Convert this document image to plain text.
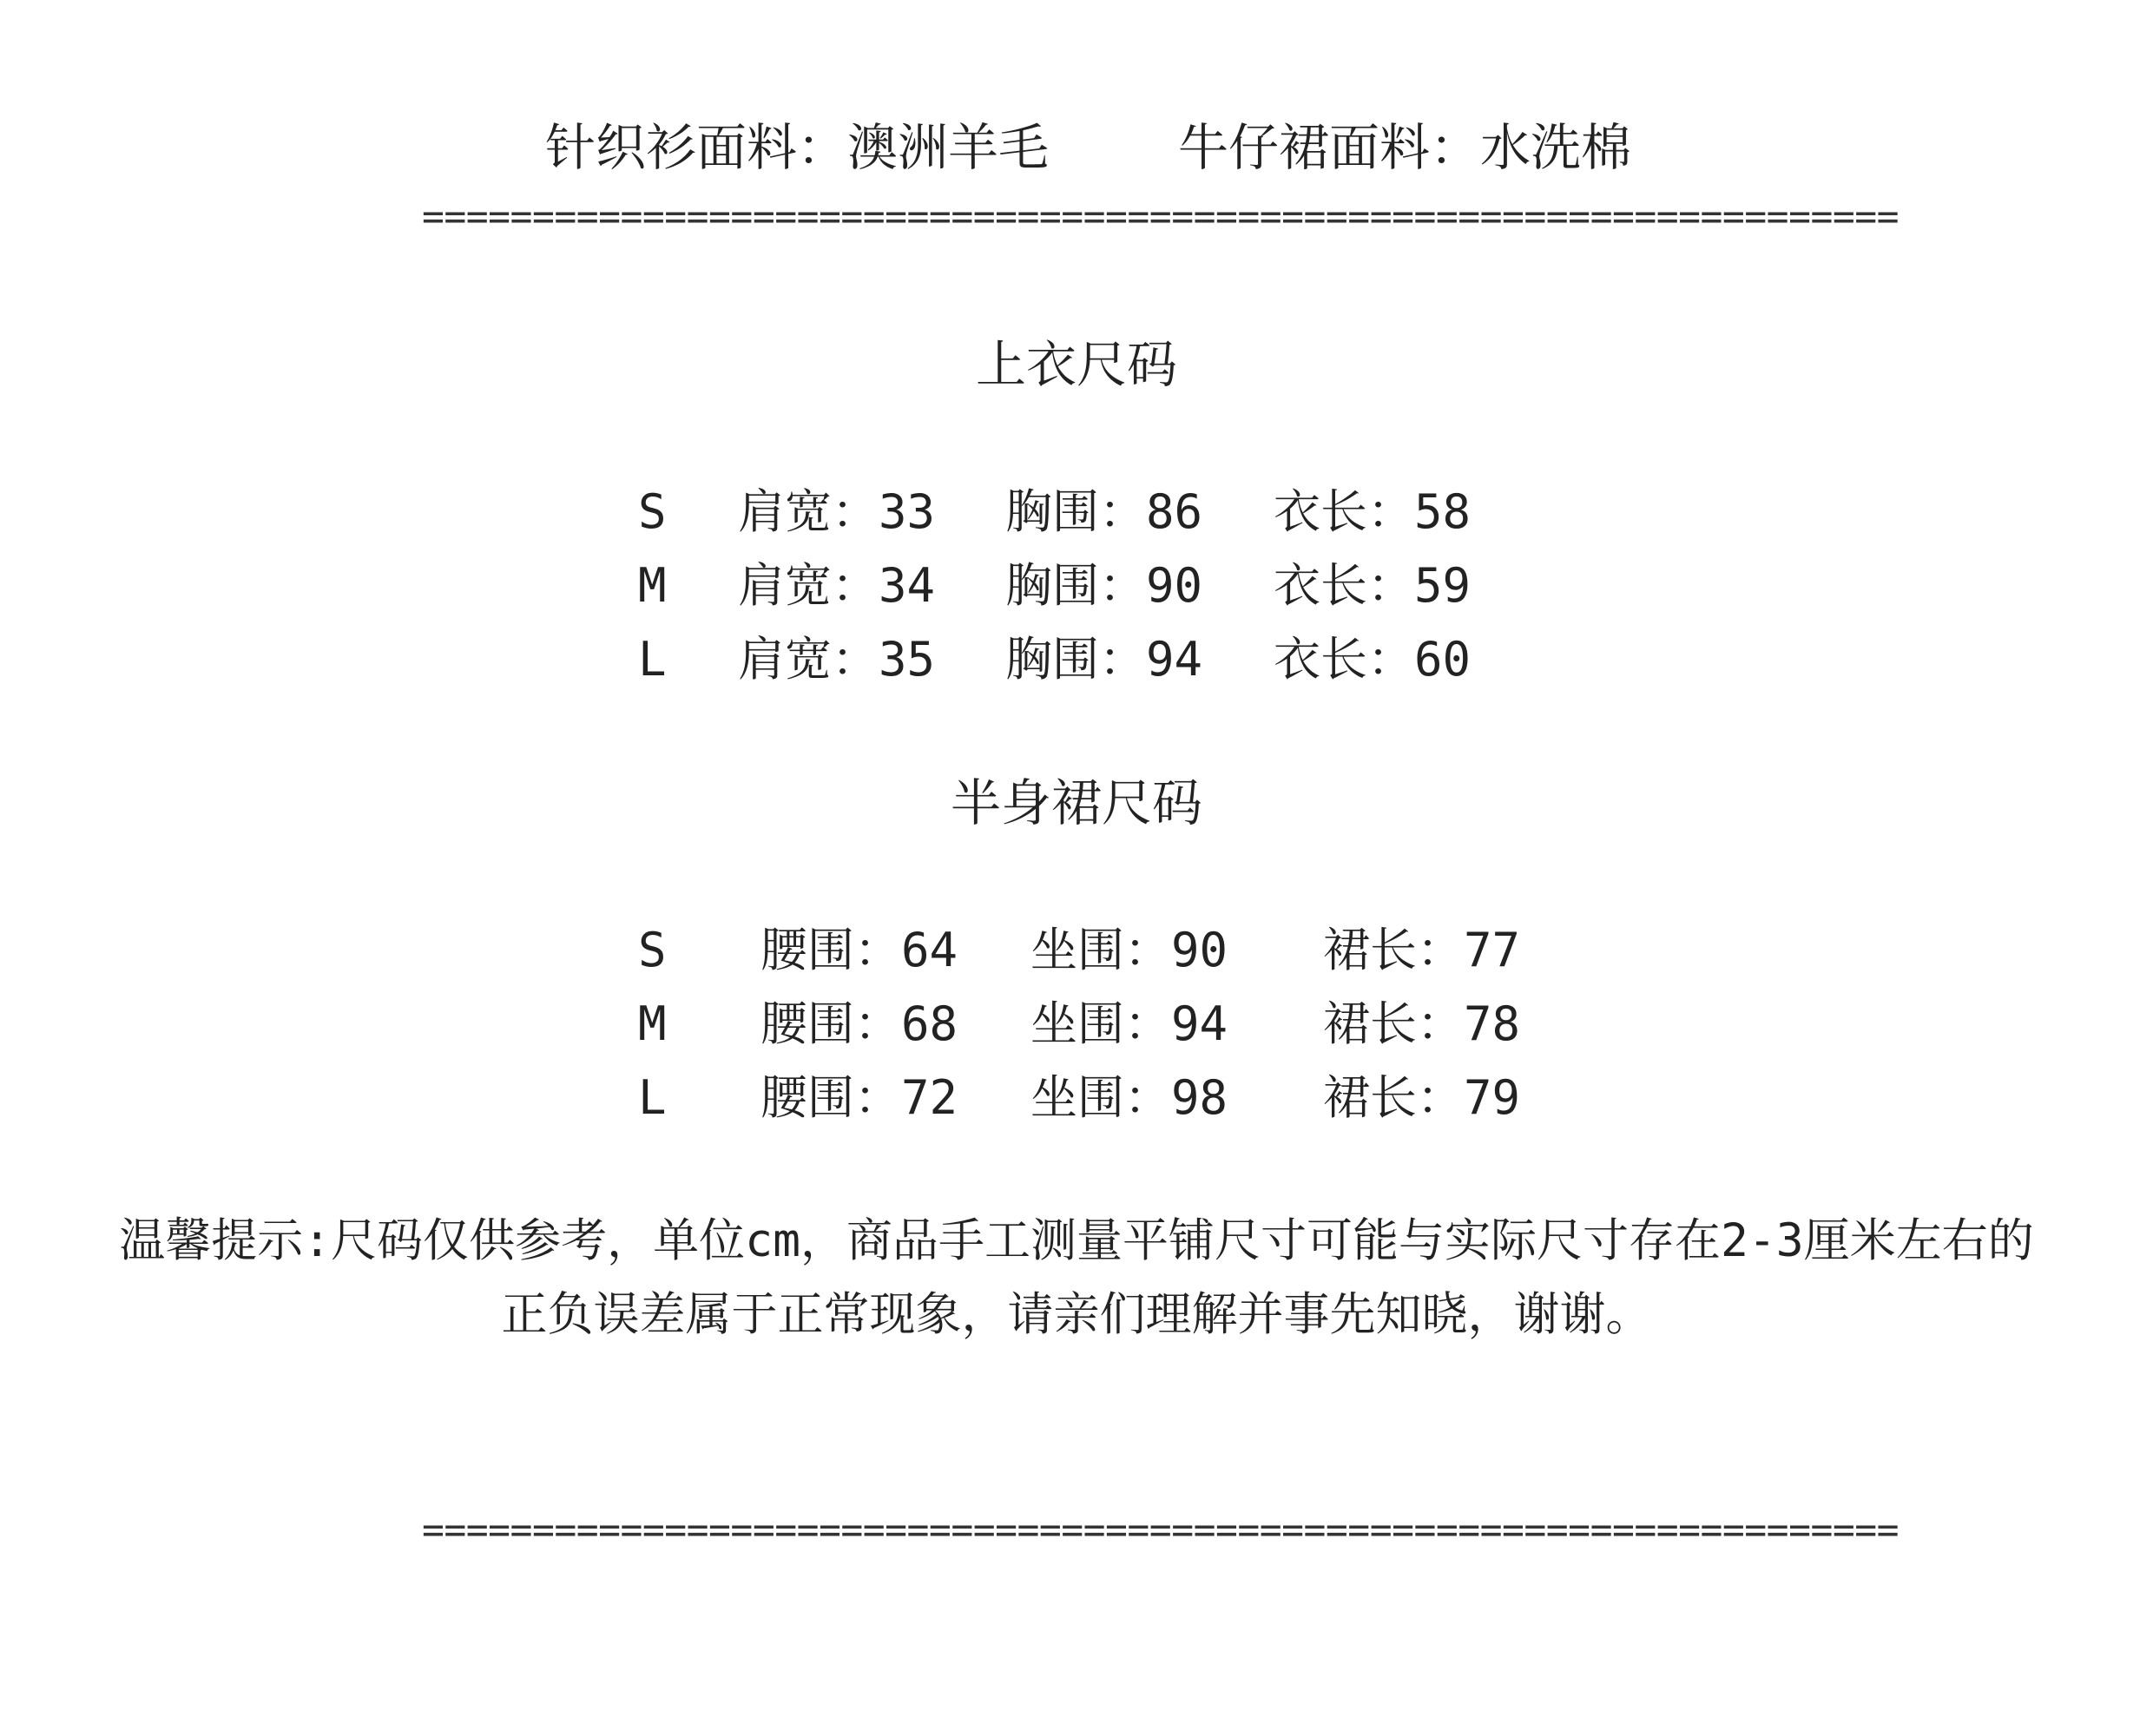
针织衫面料：澳洲羊毛	牛仔裙面料：水洗棉
===================================================================
上衣尺码
S 肩宽：33 胸围：86 衣长：58
M 肩宽：34 胸围：90 衣长：59
L 肩宽：35 胸围：94 衣长：60
半身裙尺码
S 腰围：64 坐围：90 裙长：77
M 腰围：68 坐围：94 裙长：78
L 腰围：72 坐围：98 裙长：79
温馨提示:尺码仅供参考，单位cm，商品手工测量平铺尺寸可能与实际尺寸存在2-3厘米左右的
正负误差属于正常现象，请亲们理解并事先知晓，谢谢。
===================================================================
